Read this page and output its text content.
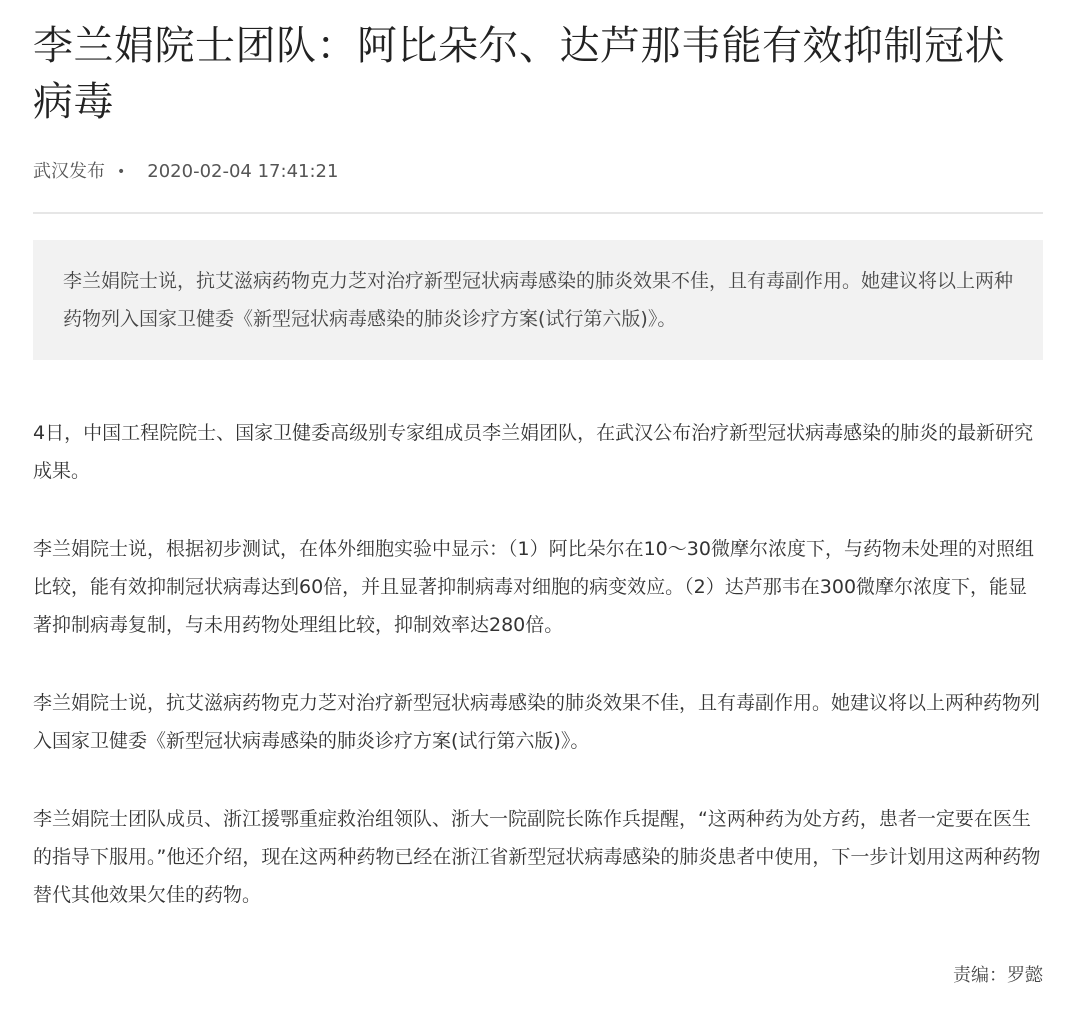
李兰娟院士团队：阿比朵尔、达芦那韦能有效抑制冠状病毒
武汉发布 • 2020-02-04 17:41:21
李兰娟院士说，抗艾滋病药物克力芝对治疗新型冠状病毒感染的肺炎效果不佳，且有毒副作用。她建议将以上两种药物列入国家卫健委《新型冠状病毒感染的肺炎诊疗方案(试行第六版)》。

4日，中国工程院院士、国家卫健委高级别专家组成员李兰娟团队，在武汉公布治疗新型冠状病毒感染的肺炎的最新研究成果。

李兰娟院士说，根据初步测试，在体外细胞实验中显示：（1）阿比朵尔在10～30微摩尔浓度下，与药物未处理的对照组比较，能有效抑制冠状病毒达到60倍，并且显著抑制病毒对细胞的病变效应。（2）达芦那韦在300微摩尔浓度下，能显著抑制病毒复制，与未用药物处理组比较，抑制效率达280倍。

李兰娟院士说，抗艾滋病药物克力芝对治疗新型冠状病毒感染的肺炎效果不佳，且有毒副作用。她建议将以上两种药物列入国家卫健委《新型冠状病毒感染的肺炎诊疗方案(试行第六版)》。

李兰娟院士团队成员、浙江援鄂重症救治组领队、浙大一院副院长陈作兵提醒，“这两种药为处方药，患者一定要在医生的指导下服用。”他还介绍，现在这两种药物已经在浙江省新型冠状病毒感染的肺炎患者中使用，下一步计划用这两种药物替代其他效果欠佳的药物。

责编：罗懿
